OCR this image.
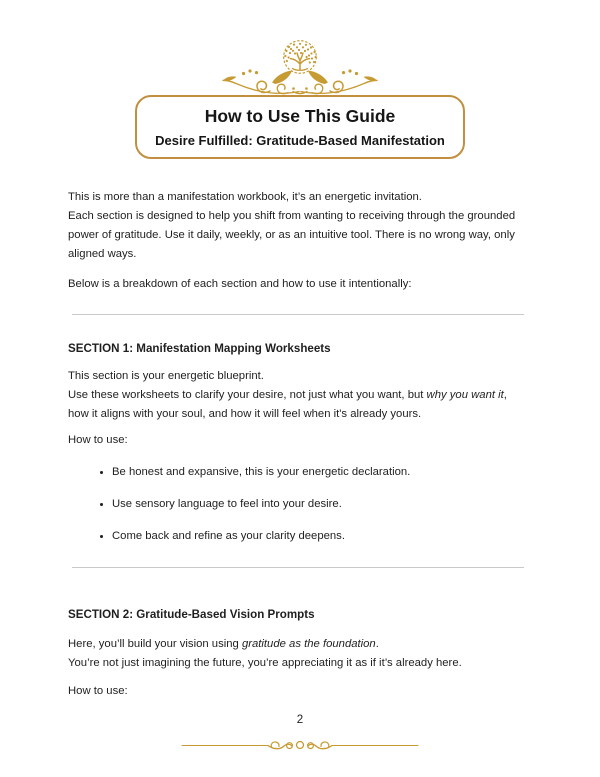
How to Use This Guide
Desire Fulfilled: Gratitude-Based Manifestation

This is more than a manifestation workbook, it’s an energetic invitation.
Each section is designed to help you shift from wanting to receiving through the grounded
power of gratitude. Use it daily, weekly, or as an intuitive tool. There is no wrong way, only
aligned ways.

Below is a breakdown of each section and how to use it intentionally:

SECTION 1: Manifestation Mapping Worksheets

This section is your energetic blueprint.
Use these worksheets to clarify your desire, not just what you want, but why you want it,
how it aligns with your soul, and how it will feel when it's already yours.

How to use:

• Be honest and expansive, this is your energetic declaration.
• Use sensory language to feel into your desire.
• Come back and refine as your clarity deepens.
SECTION 2: Gratitude-Based Vision Prompts

Here, you’ll build your vision using gratitude as the foundation.
You’re not just imagining the future, you’re appreciating it as if it’s already here.

How to use:

2
